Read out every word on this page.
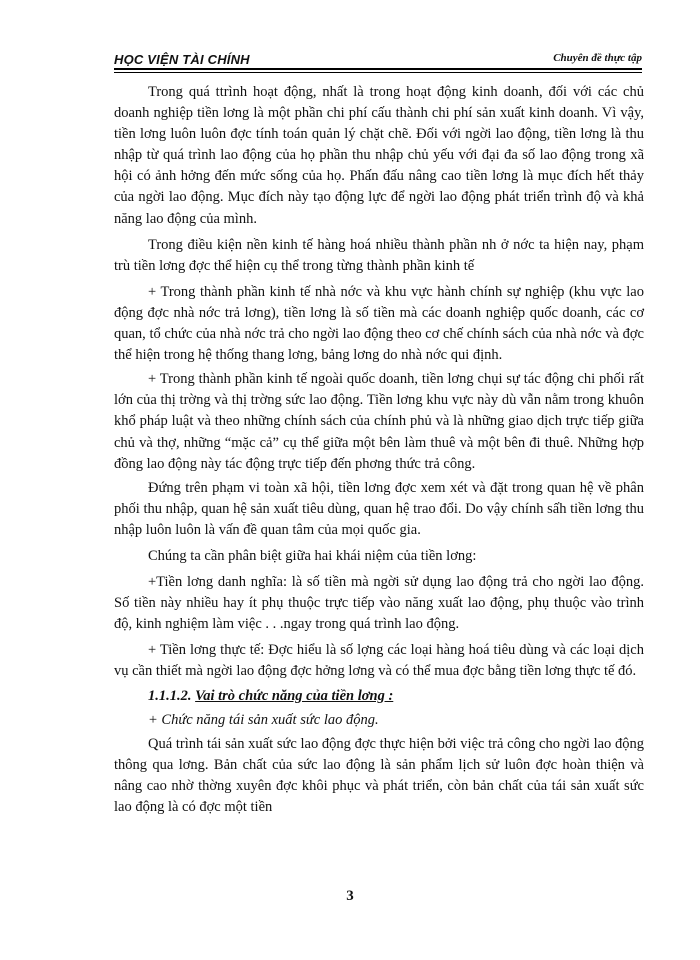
HỌC VIỆN TÀI CHÍNH	Chuyên đề thực tập

Trong quá ttrình hoạt động, nhất là trong hoạt động kinh doanh, đối với các chủ doanh nghiệp tiền lơng là một phần chi phí cấu thành chi phí sản xuất kinh doanh. Vì vậy, tiền lơng luôn luôn đợc tính toán quản lý chặt chẽ. Đối với ngời lao động, tiền lơng là thu nhập từ quá trình lao động của họ phần thu nhập chủ yếu với đại đa số lao động trong xã hội có ảnh hởng đến mức sống của họ. Phấn đấu nâng cao tiền lơng là mục đích hết thảy của ngời lao động. Mục đích này tạo động lực để ngời lao động phát triển trình độ và khả năng lao động của mình.

Trong điều kiện nền kinh tế hàng hoá nhiều thành phần nh ở nớc ta hiện nay, phạm trù tiền lơng đợc thể hiện cụ thể trong từng thành phần kinh tế

+ Trong thành phần kinh tế nhà nớc và khu vực hành chính sự nghiệp (khu vực lao động đợc nhà nớc trả lơng), tiền lơng là số tiền mà các doanh nghiệp quốc doanh, các cơ quan, tổ chức của nhà nớc trả cho ngời lao động theo cơ chế chính sách của nhà nớc và đợc thể hiện trong hệ thống thang lơng, bảng lơng do nhà nớc qui định.

+ Trong thành phần kinh tế ngoài quốc doanh, tiền lơng chụi sự tác động chi phối rất lớn của thị trờng và thị trờng sức lao động. Tiền lơng khu vực này dù vẫn nằm trong khuôn khổ pháp luật và theo những chính sách của chính phủ và là những giao dịch trực tiếp giữa chủ và thợ, những “mặc cả” cụ thể giữa một bên làm thuê và một bên đi thuê. Những hợp đồng lao động này tác động trực tiếp đến phơng thức trả công.

Đứng trên phạm vi toàn xã hội, tiền lơng đợc xem xét và đặt trong quan hệ về phân phối thu nhập, quan hệ sản xuất tiêu dùng, quan hệ trao đổi. Do vậy chính sấh tiền lơng thu nhập luôn luôn là vấn đề quan tâm của mọi quốc gia.

Chúng ta cần phân biệt giữa hai khái niệm của tiền lơng:

+Tiền lơng danh nghĩa: là số tiền mà ngời sử dụng lao động trả cho ngời lao động. Số tiền này nhiều hay ít phụ thuộc trực tiếp vào năng xuất lao động, phụ thuộc vào trình độ, kinh nghiệm làm việc . . .ngay trong quá trình lao động.

+ Tiền lơng thực tế: Đợc hiểu là số lợng các loại hàng hoá tiêu dùng và các loại dịch vụ cần thiết mà ngời lao động đợc hởng lơng và có thể mua đợc bằng tiền lơng thực tế đó.

1.1.1.2. Vai trò chức năng của tiền lơng :
+ Chức năng tái sản xuất sức lao động.

Quá trình tái sản xuất sức lao động đợc thực hiện bởi việc trả công cho ngời lao động thông qua lơng. Bản chất của sức lao động là sản phẩm lịch sử luôn đợc hoàn thiện và nâng cao nhờ thờng xuyên đợc khôi phục và phát triển, còn bản chất của tái sản xuất sức lao động là có đợc một tiền

3
